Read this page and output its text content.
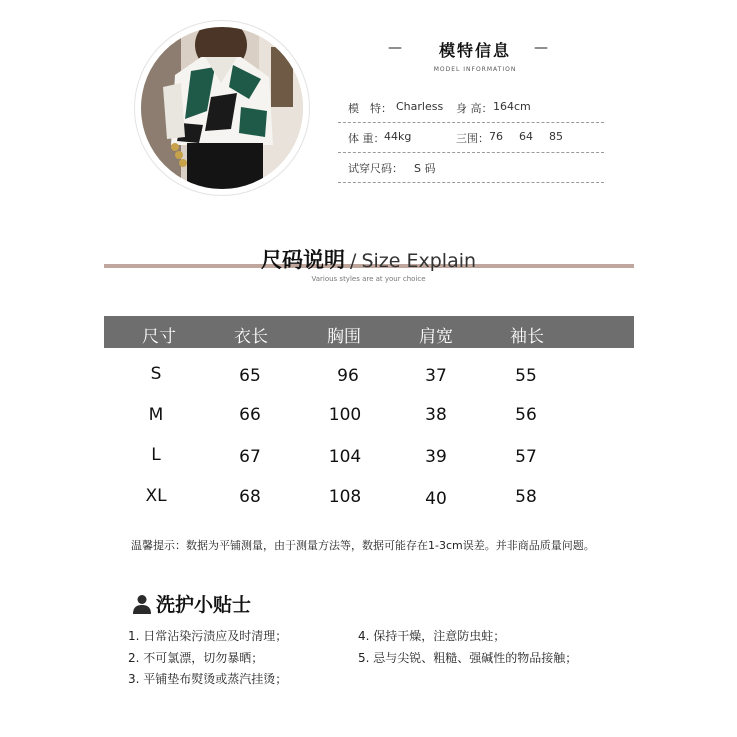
—	—
模特信息
MODEL INFORMATION
模　特： Charless 身 高： 164cm
体 重： 44kg	三围： 76 64 85
试穿尺码： S 码
尺码说明 / Size Explain
Various styles are at your choice
尺寸	衣长	胸围	肩宽	袖长
S	65	96	37	55
M	66	100	38	56
L	67	104	39	57
XL	68	108	40	58
温馨提示：数据为平铺测量，由于测量方法等，数据可能存在1-3cm误差。并非商品质量问题。
洗护小贴士
1. 日常沾染污渍应及时清理；
2. 不可氯漂，切勿暴晒；
3. 平铺垫布熨烫或蒸汽挂烫；
4. 保持干燥，注意防虫蛀；
5. 忌与尖锐、粗糙、强碱性的物品接触；
